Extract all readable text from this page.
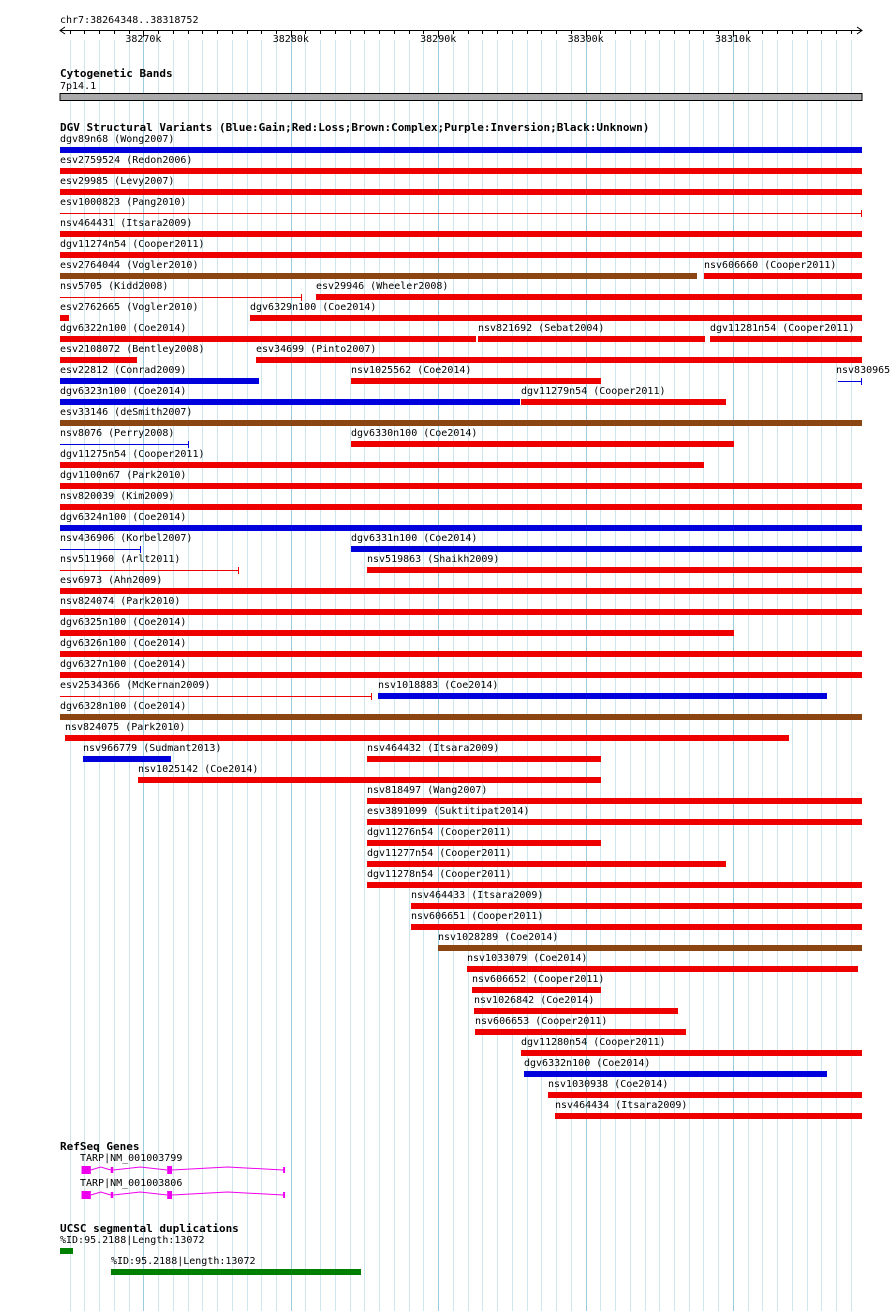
chr7:38264348..38318752
Cytogenetic Bands
7p14.1
DGV Structural Variants (Blue:Gain;Red:Loss;Brown:Complex;Purple:Inversion;Black:Unknown)
RefSeq Genes
UCSC segmental duplications
38270k	38280k	38290k	38300k	38310k
dgv89n68 (Wong2007)
esv2759524 (Redon2006)
esv29985 (Levy2007)
esv1000823 (Pang2010)
nsv464431 (Itsara2009)
dgv11274n54 (Cooper2011)
esv2764044 (Vogler2010)	nsv606660 (Cooper2011)
nsv5705 (Kidd2008)	esv29946 (Wheeler2008)
esv2762665 (Vogler2010)	dgv6329n100 (Coe2014)
dgv6322n100 (Coe2014)	nsv821692 (Sebat2004)	dgv11281n54 (Cooper2011)
esv2108072 (Bentley2008)	esv34699 (Pinto2007)
esv22812 (Conrad2009)	nsv1025562 (Coe2014)	nsv830965
dgv6323n100 (Coe2014)	dgv11279n54 (Cooper2011)
esv33146 (deSmith2007)
nsv8076 (Perry2008)	dgv6330n100 (Coe2014)
dgv11275n54 (Cooper2011)
dgv1100n67 (Park2010)
nsv820039 (Kim2009)
dgv6324n100 (Coe2014)
nsv436906 (Korbel2007)	dgv6331n100 (Coe2014)
nsv511960 (Arlt2011)	nsv519863 (Shaikh2009)
esv6973 (Ahn2009)
nsv824074 (Park2010)
dgv6325n100 (Coe2014)
dgv6326n100 (Coe2014)
dgv6327n100 (Coe2014)
esv2534366 (McKernan2009)	nsv1018883 (Coe2014)
dgv6328n100 (Coe2014)
nsv824075 (Park2010)
nsv966779 (Sudmant2013)	nsv464432 (Itsara2009)
nsv1025142 (Coe2014)
nsv818497 (Wang2007)
esv3891099 (Suktitipat2014)
dgv11276n54 (Cooper2011)
dgv11277n54 (Cooper2011)
dgv11278n54 (Cooper2011)
nsv464433 (Itsara2009)
nsv606651 (Cooper2011)
nsv1028289 (Coe2014)
nsv1033079 (Coe2014)
nsv606652 (Cooper2011)
nsv1026842 (Coe2014)
nsv606653 (Cooper2011)
dgv11280n54 (Cooper2011)
dgv6332n100 (Coe2014)
nsv1030938 (Coe2014)
nsv464434 (Itsara2009)
TARP|NM_001003799
TARP|NM_001003806
%ID:95.2188|Length:13072
%ID:95.2188|Length:13072
